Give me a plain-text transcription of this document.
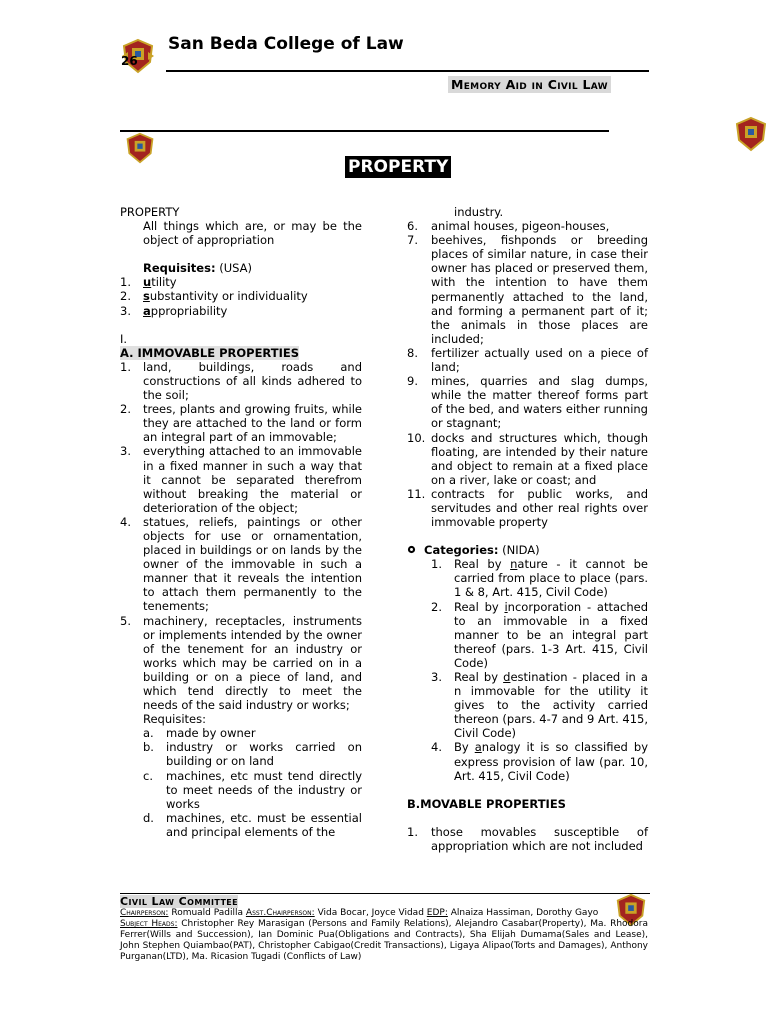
26
San Beda College of Law
Memory Aid in Civil Law
PROPERTY
PROPERTY
All things which are, or may be the object of appropriation
Requisites: (USA)
1.	utility
2.	substantivity or individuality
3.	appropriability
I.
A. IMMOVABLE PROPERTIES
1.	land, buildings, roads and constructions of all kinds adhered to the soil;
2.	trees, plants and growing fruits, while they are attached to the land or form an integral part of an immovable;
3.	everything attached to an immovable in a fixed manner in such a way that it cannot be separated therefrom without breaking the material or deterioration of the object;
4.	statues, reliefs, paintings or other objects for use or ornamentation, placed in buildings or on lands by the owner of the immovable in such a manner that it reveals the intention to attach them permanently to the tenements;
5.	machinery, receptacles, instruments or implements intended by the owner of the tenement for an industry or works which may be carried on in a building or on a piece of land, and which tend directly to meet the needs of the said industry or works;
Requisites:
a.	made by owner
b.	industry or works carried on building or on land
c.	machines, etc must tend directly to meet needs of the industry or works
d.	machines, etc. must be essential and principal elements of the
industry.
6.	animal houses, pigeon-houses,
7.	beehives, fishponds or breeding places of similar nature, in case their owner has placed or preserved them, with the intention to have them permanently attached to the land, and forming a permanent part of it; the animals in those places are included;
8.	fertilizer actually used on a piece of land;
9.	mines, quarries and slag dumps, while the matter thereof forms part of the bed, and waters either running or stagnant;
10. docks and structures which, though floating, are intended by their nature and object to remain at a fixed place on a river, lake or coast; and
11. contracts for public works, and servitudes and other real rights over immovable property
Categories: (NIDA)
1.	Real by nature - it cannot be carried from place to place (pars. 1 & 8, Art. 415, Civil Code)
2.	Real by incorporation - attached to an immovable in a fixed manner to be an integral part thereof (pars. 1-3 Art. 415, Civil Code)
3.	Real by destination - placed in a n immovable for the utility it gives to the activity carried thereon (pars. 4-7 and 9 Art. 415, Civil Code)
4.	By analogy it is so classified by express provision of law (par. 10, Art. 415, Civil Code)
B.MOVABLE PROPERTIES
1.	those movables susceptible of appropriation which are not included
Civil Law Committee
Chairperson: Romuald Padilla Asst.Chairperson: Vida Bocar, Joyce Vidad EDP: Alnaiza Hassiman, Dorothy Gayo
Subject Heads: Christopher Rey Marasigan (Persons and Family Relations), Alejandro Casabar(Property), Ma. Rhodora Ferrer(Wills and Succession), Ian Dominic Pua(Obligations and Contracts), Sha Elijah Dumama(Sales and Lease), John Stephen Quiambao(PAT), Christopher Cabigao(Credit Transactions), Ligaya Alipao(Torts and Damages), Anthony Purganan(LTD), Ma. Ricasion Tugadi (Conflicts of Law)
